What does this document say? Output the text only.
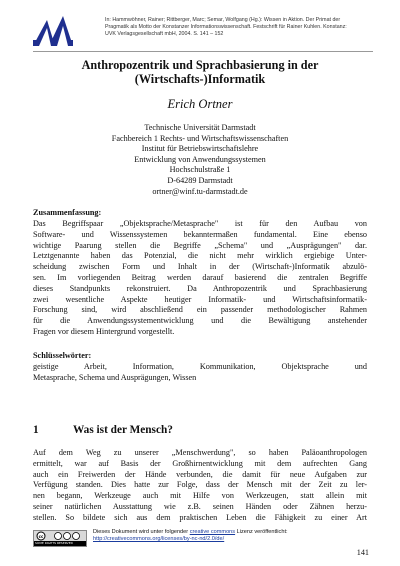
In: Hammwöhner, Rainer; Rittberger, Marc; Semar, Wolfgang (Hg.): Wissen in Aktion. Der Primat der
Pragmatik als Motto der Konstanzer Informationswissenschaft. Festschrift für Rainer Kuhlen. Konstanz:
UVK Verlagsgesellschaft mbH, 2004. S. 141 – 152
Anthropozentrik und Sprachbasierung in der
(Wirtschafts-)Informatik
Erich Ortner
Technische Universität Darmstadt
Fachbereich 1 Rechts- und Wirtschaftswissenschaften
Institut für Betriebswirtschaftslehre
Entwicklung von Anwendungssystemen
Hochschulstraße 1
D-64289 Darmstadt
ortner@winf.tu-darmstadt.de
Zusammenfassung:
Das Begriffspaar „Objektsprache/Metasprache" ist für den Aufbau von
Software- und Wissenssystemen bekanntermaßen fundamental. Eine ebenso
wichtige Paarung stellen die Begriffe „Schema" und „Ausprägungen" dar.
Letztgenannte haben das Potenzial, die nicht mehr wirklich ergiebige Unter-
scheidung zwischen Form und Inhalt in der (Wirtschaft-)Informatik abzulö-
sen. Im vorliegenden Beitrag werden darauf basierend die zentralen Begriffe
dieses Standpunkts rekonstruiert. Da Anthropozentrik und Sprachbasierung
zwei wesentliche Aspekte heutiger Informatik- und Wirtschaftsinformatik-
Forschung sind, wird abschließend ein passender methodologischer Rahmen
für die Anwendungssystementwicklung und die Bewältigung anstehender
Fragen vor diesem Hintergrund vorgestellt.
Schlüsselwörter:
geistige Arbeit, Information, Kommunikation, Objektsprache und
Metasprache, Schema und Ausprägungen, Wissen
1	Was ist der Mensch?
Auf dem Weg zu unserer „Menschwerdung", so haben Paläoanthropologen
ermittelt, war auf Basis der Großhirnentwicklung mit dem aufrechten Gang
auch ein Freiwerden der Hände verbunden, die damit für neue Aufgaben zur
Verfügung standen. Dies hatte zur Folge, dass der Mensch mit der Zeit zu ler-
nen begann, Werkzeuge auch mit Hilfe von Werkzeugen, statt allein mit
seiner natürlichen Ausstattung wie z.B. seinen Händen oder Zähnen herzu-
stellen. So bildete sich aus dem praktischen Leben die Fähigkeit zu einer Art
cc
SOME RIGHTS RESERVED
Dieses Dokument wird unter folgender creative commons Lizenz veröffentlicht:
http://creativecommons.org/licenses/by-nc-nd/2.0/de/
141
